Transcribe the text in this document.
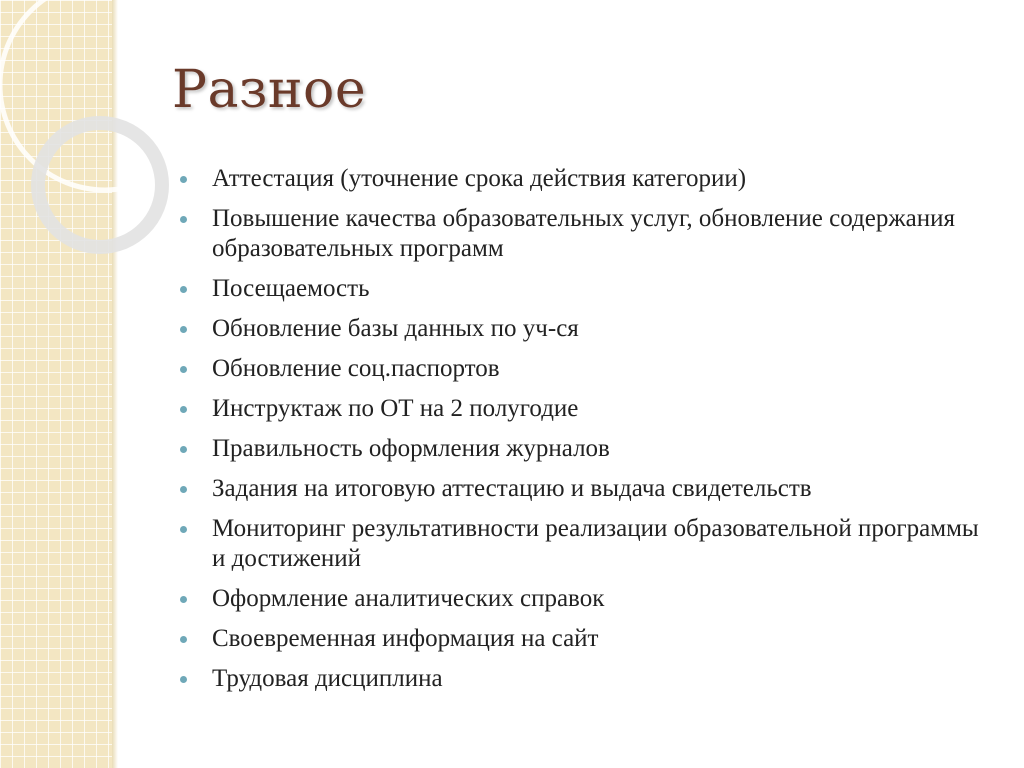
Разное
Аттестация (уточнение срока действия категории)
Повышение качества образовательных услуг, обновление содержания образовательных программ
Посещаемость
Обновление базы данных по уч-ся
Обновление соц.паспортов
Инструктаж по ОТ на 2 полугодие
Правильность оформления журналов
Задания на итоговую аттестацию и выдача свидетельств
Мониторинг результативности реализации образовательной программы и достижений
Оформление аналитических справок
Своевременная информация на сайт
Трудовая дисциплина
